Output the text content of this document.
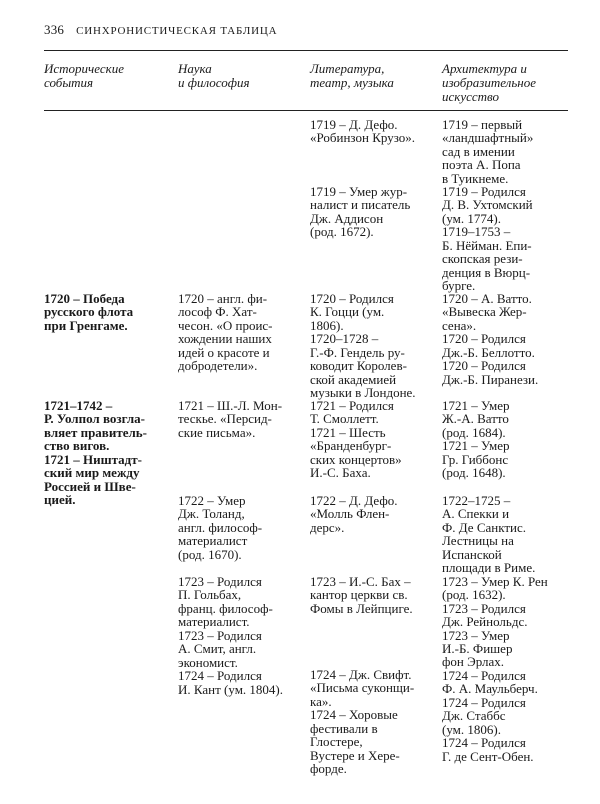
336 СИНХРОНИСТИЧЕСКАЯ ТАБЛИЦА
Исторические
события
Наука
и философия
Литература,
театр, музыка
Архитектура и
изобразительное
искусство
1719 – Д. Дефо.
«Робинзон Крузо».
1719 – первый
«ландшафтный»
сад в имении
поэта А. Попа
в Туикнеме.
1719 – Умер жур-
налист и писатель
Дж. Аддисон
(род. 1672).
1719 – Родился
Д. В. Ухтомский
(ум. 1774).
1719–1753 –
Б. Нёйман. Епи-
скопская рези-
денция в Вюрц-
бурге.
1720 – Победа
русского флота
при Гренгаме.
1720 – англ. фи-
лософ Ф. Хат-
чесон. «О проис-
хождении наших
идей о красоте и
добродетели».
1720 – Родился
К. Гоцци (ум.
1806).
1720–1728 –
Г.-Ф. Гендель ру-
ководит Королев-
ской академией
музыки в Лондоне.
1720 – А. Ватто.
«Вывеска Жер-
сена».
1720 – Родился
Дж.-Б. Беллотто.
1720 – Родился
Дж.-Б. Пиранези.
1721–1742 –
Р. Уолпол возгла-
вляет правитель-
ство вигов.
1721 – Ништадт-
ский мир между
Россией и Шве-
цией.
1721 – Ш.-Л. Мон-
тескье. «Персид-
ские письма».
1721 – Родился
Т. Смоллетт.
1721 – Шесть
«Бранденбург-
ских концертов»
И.-С. Баха.
1721 – Умер
Ж.-А. Ватто
(род. 1684).
1721 – Умер
Гр. Гиббонс
(род. 1648).
1722 – Умер
Дж. Толанд,
англ. философ-
материалист
(род. 1670).
1722 – Д. Дефо.
«Молль Флен-
дерс».
1722–1725 –
А. Спекки и
Ф. Де Санктис.
Лестницы на
Испанской
площади в Риме.
1723 – Умер К. Рен
(род. 1632).
1723 – Родился
Дж. Рейнольдс.
1723 – Умер
И.-Б. Фишер
фон Эрлах.
1724 – Родился
Ф. А. Маульберч.
1724 – Родился
Дж. Стаббс
(ум. 1806).
1724 – Родился
Г. де Сент-Обен.
1723 – Родился
П. Гольбах,
франц. философ-
материалист.
1723 – Родился
А. Смит, англ.
экономист.
1724 – Родился
И. Кант (ум. 1804).
1723 – И.-С. Бах –
кантор церкви св.
Фомы в Лейпциге.
1724 – Дж. Свифт.
«Письма суконщи-
ка».
1724 – Хоровые
фестивали в
Глостере,
Вустере и Хере-
форде.
